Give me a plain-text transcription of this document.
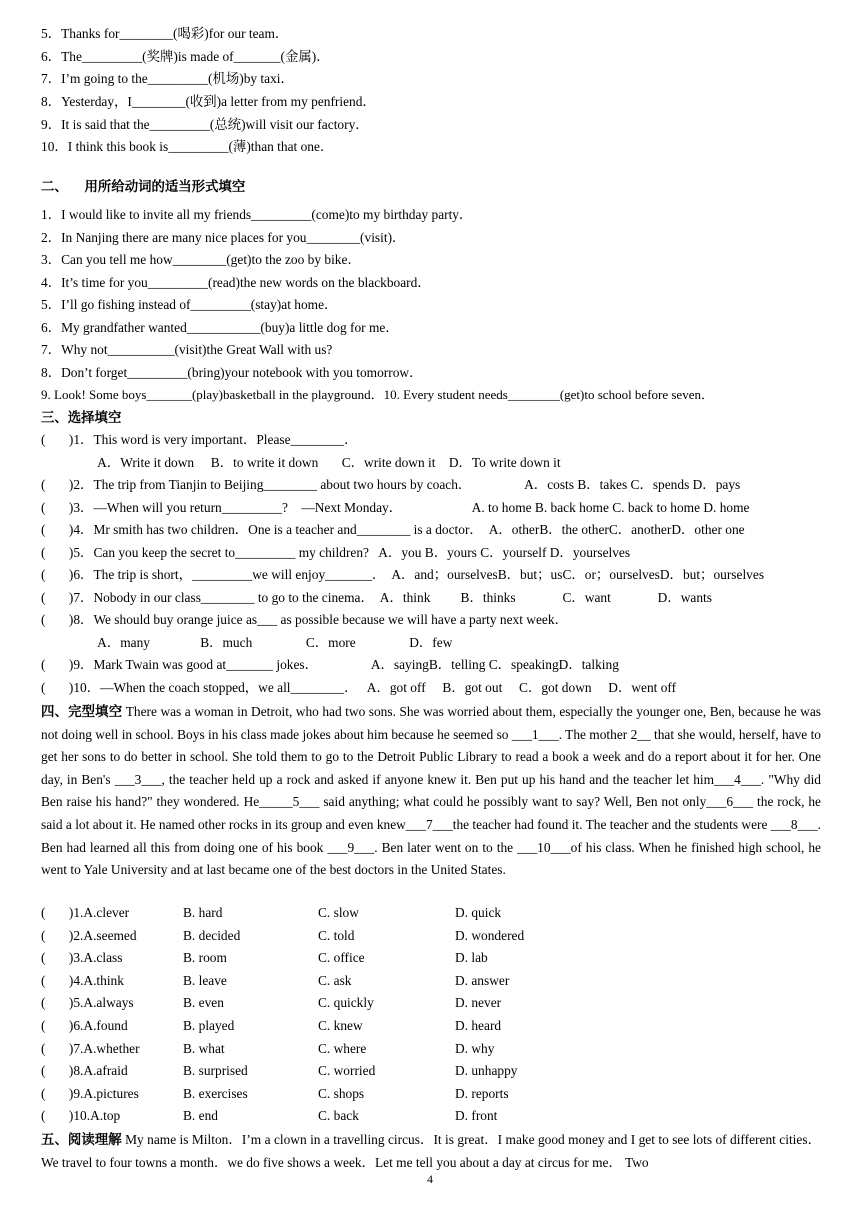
5．Thanks for________(喝彩)for our team．
6．The_________(奖牌)is made of_______(金属)．
7．I’m going to the_________(机场)by taxi．
8．Yesterday，I________(收到)a letter from my penfriend．
9．It is said that the_________(总统)will visit our factory．
10．I think this book is_________(薄)than that one．
二、     用所给动词的适当形式填空
1．I would like to invite all my friends_________(come)to my birthday party．
2．In Nanjing there are many nice places for you________(visit)．
3．Can you tell me how________(get)to the zoo by bike．
4．It’s time for you_________(read)the new words on the blackboard．
5．I’ll go fishing instead of_________(stay)at home．
6．My grandfather wanted___________(buy)a little dog for me．
7．Why not__________(visit)the Great Wall with us?
8．Don’t forget_________(bring)your notebook with you tomorrow．
9. Look! Some boys_______(play)basketball in the playground．10. Every student needs________(get)to school before seven．
三、选择填空
(       )1．This word is very important．Please________．
A．Write it down     B．to write it down       C．write down it    D．To write down it
(       )2．The trip from Tianjin to Beijing________ about two hours by coach．                A．costs B．takes C．spends D．pays
(       )3．—When will you return_________?    —Next Monday．                     A. to home B. back home C. back to home D. home
(       )4．Mr smith has two children．One is a teacher and________ is a doctor．  A．otherB．the otherC．anotherD．other one
(       )5．Can you keep the secret to_________ my children?   A．you B．yours C．yourself D．yourselves
(       )6．The trip is short，_________we will enjoy_______．  A．and；ourselvesB．but；usC．or；ourselvesD．but；ourselves
(       )7．Nobody in our class________ to go to the cinema．  A．think         B．thinks              C．want              D．wants
(       )8．We should buy orange juice as___ as possible because we will have a party next week．
A．many               B．much                C．more                D．few
(       )9．Mark Twain was good at_______ jokes．                A．sayingB．telling C．speakingD．talking
(       )10．—When the coach stopped，we all________．   A．got off     B．got out     C．got down     D．went off
四、完型填空 There was a woman in Detroit, who had two sons. She was worried about them, especially the younger one, Ben, because he was not doing well in school. Boys in his class made jokes about him because he seemed so ___1___. The mother 2__ that she would, herself, have to get her sons to do better in school. She told them to go to the Detroit Public Library to read a book a week and do a report about it for her. One day, in Ben's ___3___, the teacher held up a rock and asked if anyone knew it. Ben put up his hand and the teacher let him___4___. "Why did Ben raise his hand?" they wondered. He_____5___ said anything; what could he possibly want to say? Well, Ben not only___6___ the rock, he said a lot about it. He named other rocks in its group and even knew___7___the teacher had found it. The teacher and the students were ___8___. Ben had learned all this from doing one of his book ___9___. Ben later went on to the ___10___of his class. When he finished high school, he went to Yale University and at last became one of the best doctors in the United States.
(       )1.A.clever	B. hard	C. slow	D. quick
(       )2.A.seemed	B. decided	C. told	D. wondered
(       )3.A.class	B. room	C. office	D. lab
(       )4.A.think	B. leave	C. ask	D. answer
(       )5.A.always	B. even	C. quickly	D. never
(       )6.A.found	B. played	C. knew	D. heard
(       )7.A.whether	B. what	C. where	D. why
(       )8.A.afraid	B. surprised	C. worried	D. unhappy
(       )9.A.pictures	B. exercises	C. shops	D. reports
(       )10.A.top	B. end	C. back	D. front
五、阅读理解 My name is Milton．I’m a clown in a travelling circus．It is great．I make good money and I get to see lots of different cities．We travel to four towns a month．we do five shows a week．Let me tell you about a day at circus for me． Two
4
